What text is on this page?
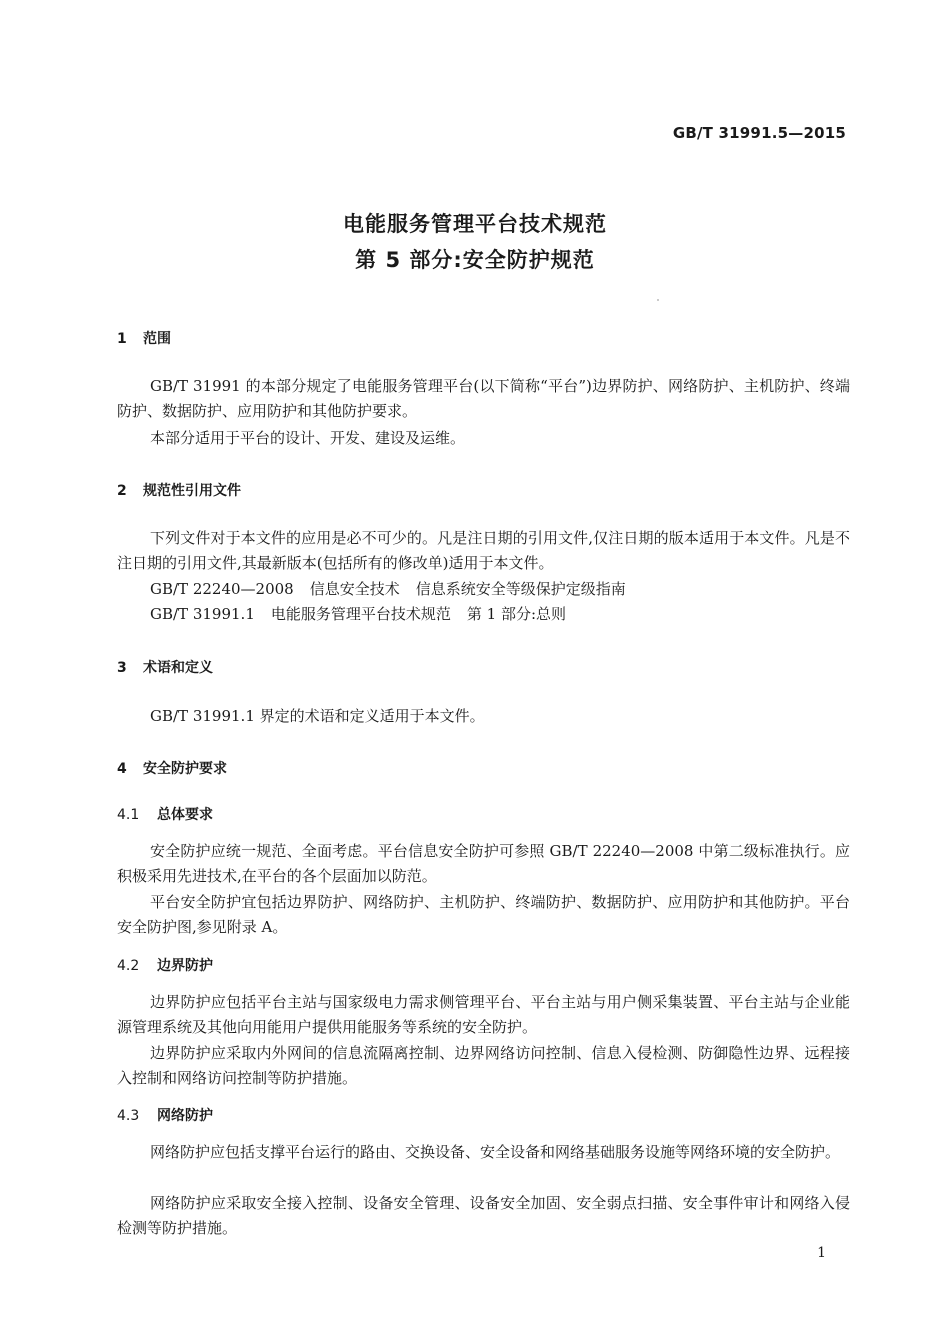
GB/T 31991.5—2015
电能服务管理平台技术规范
第 5 部分:安全防护规范
1 范围
GB/T 31991 的本部分规定了电能服务管理平台(以下简称“平台”)边界防护、网络防护、主机防护、终端防护、数据防护、应用防护和其他防护要求。
本部分适用于平台的设计、开发、建设及运维。
2 规范性引用文件
下列文件对于本文件的应用是必不可少的。凡是注日期的引用文件,仅注日期的版本适用于本文件。凡是不注日期的引用文件,其最新版本(包括所有的修改单)适用于本文件。
GB/T 22240—2008 信息安全技术 信息系统安全等级保护定级指南
GB/T 31991.1 电能服务管理平台技术规范 第 1 部分:总则
3 术语和定义
GB/T 31991.1 界定的术语和定义适用于本文件。
4 安全防护要求
4.1 总体要求
安全防护应统一规范、全面考虑。平台信息安全防护可参照 GB/T 22240—2008 中第二级标准执行。应积极采用先进技术,在平台的各个层面加以防范。
平台安全防护宜包括边界防护、网络防护、主机防护、终端防护、数据防护、应用防护和其他防护。平台安全防护图,参见附录 A。
4.2 边界防护
边界防护应包括平台主站与国家级电力需求侧管理平台、平台主站与用户侧采集装置、平台主站与企业能源管理系统及其他向用能用户提供用能服务等系统的安全防护。
边界防护应采取内外网间的信息流隔离控制、边界网络访问控制、信息入侵检测、防御隐性边界、远程接入控制和网络访问控制等防护措施。
4.3 网络防护
网络防护应包括支撑平台运行的路由、交换设备、安全设备和网络基础服务设施等网络环境的安全防护。
网络防护应采取安全接入控制、设备安全管理、设备安全加固、安全弱点扫描、安全事件审计和网络入侵检测等防护措施。
1
